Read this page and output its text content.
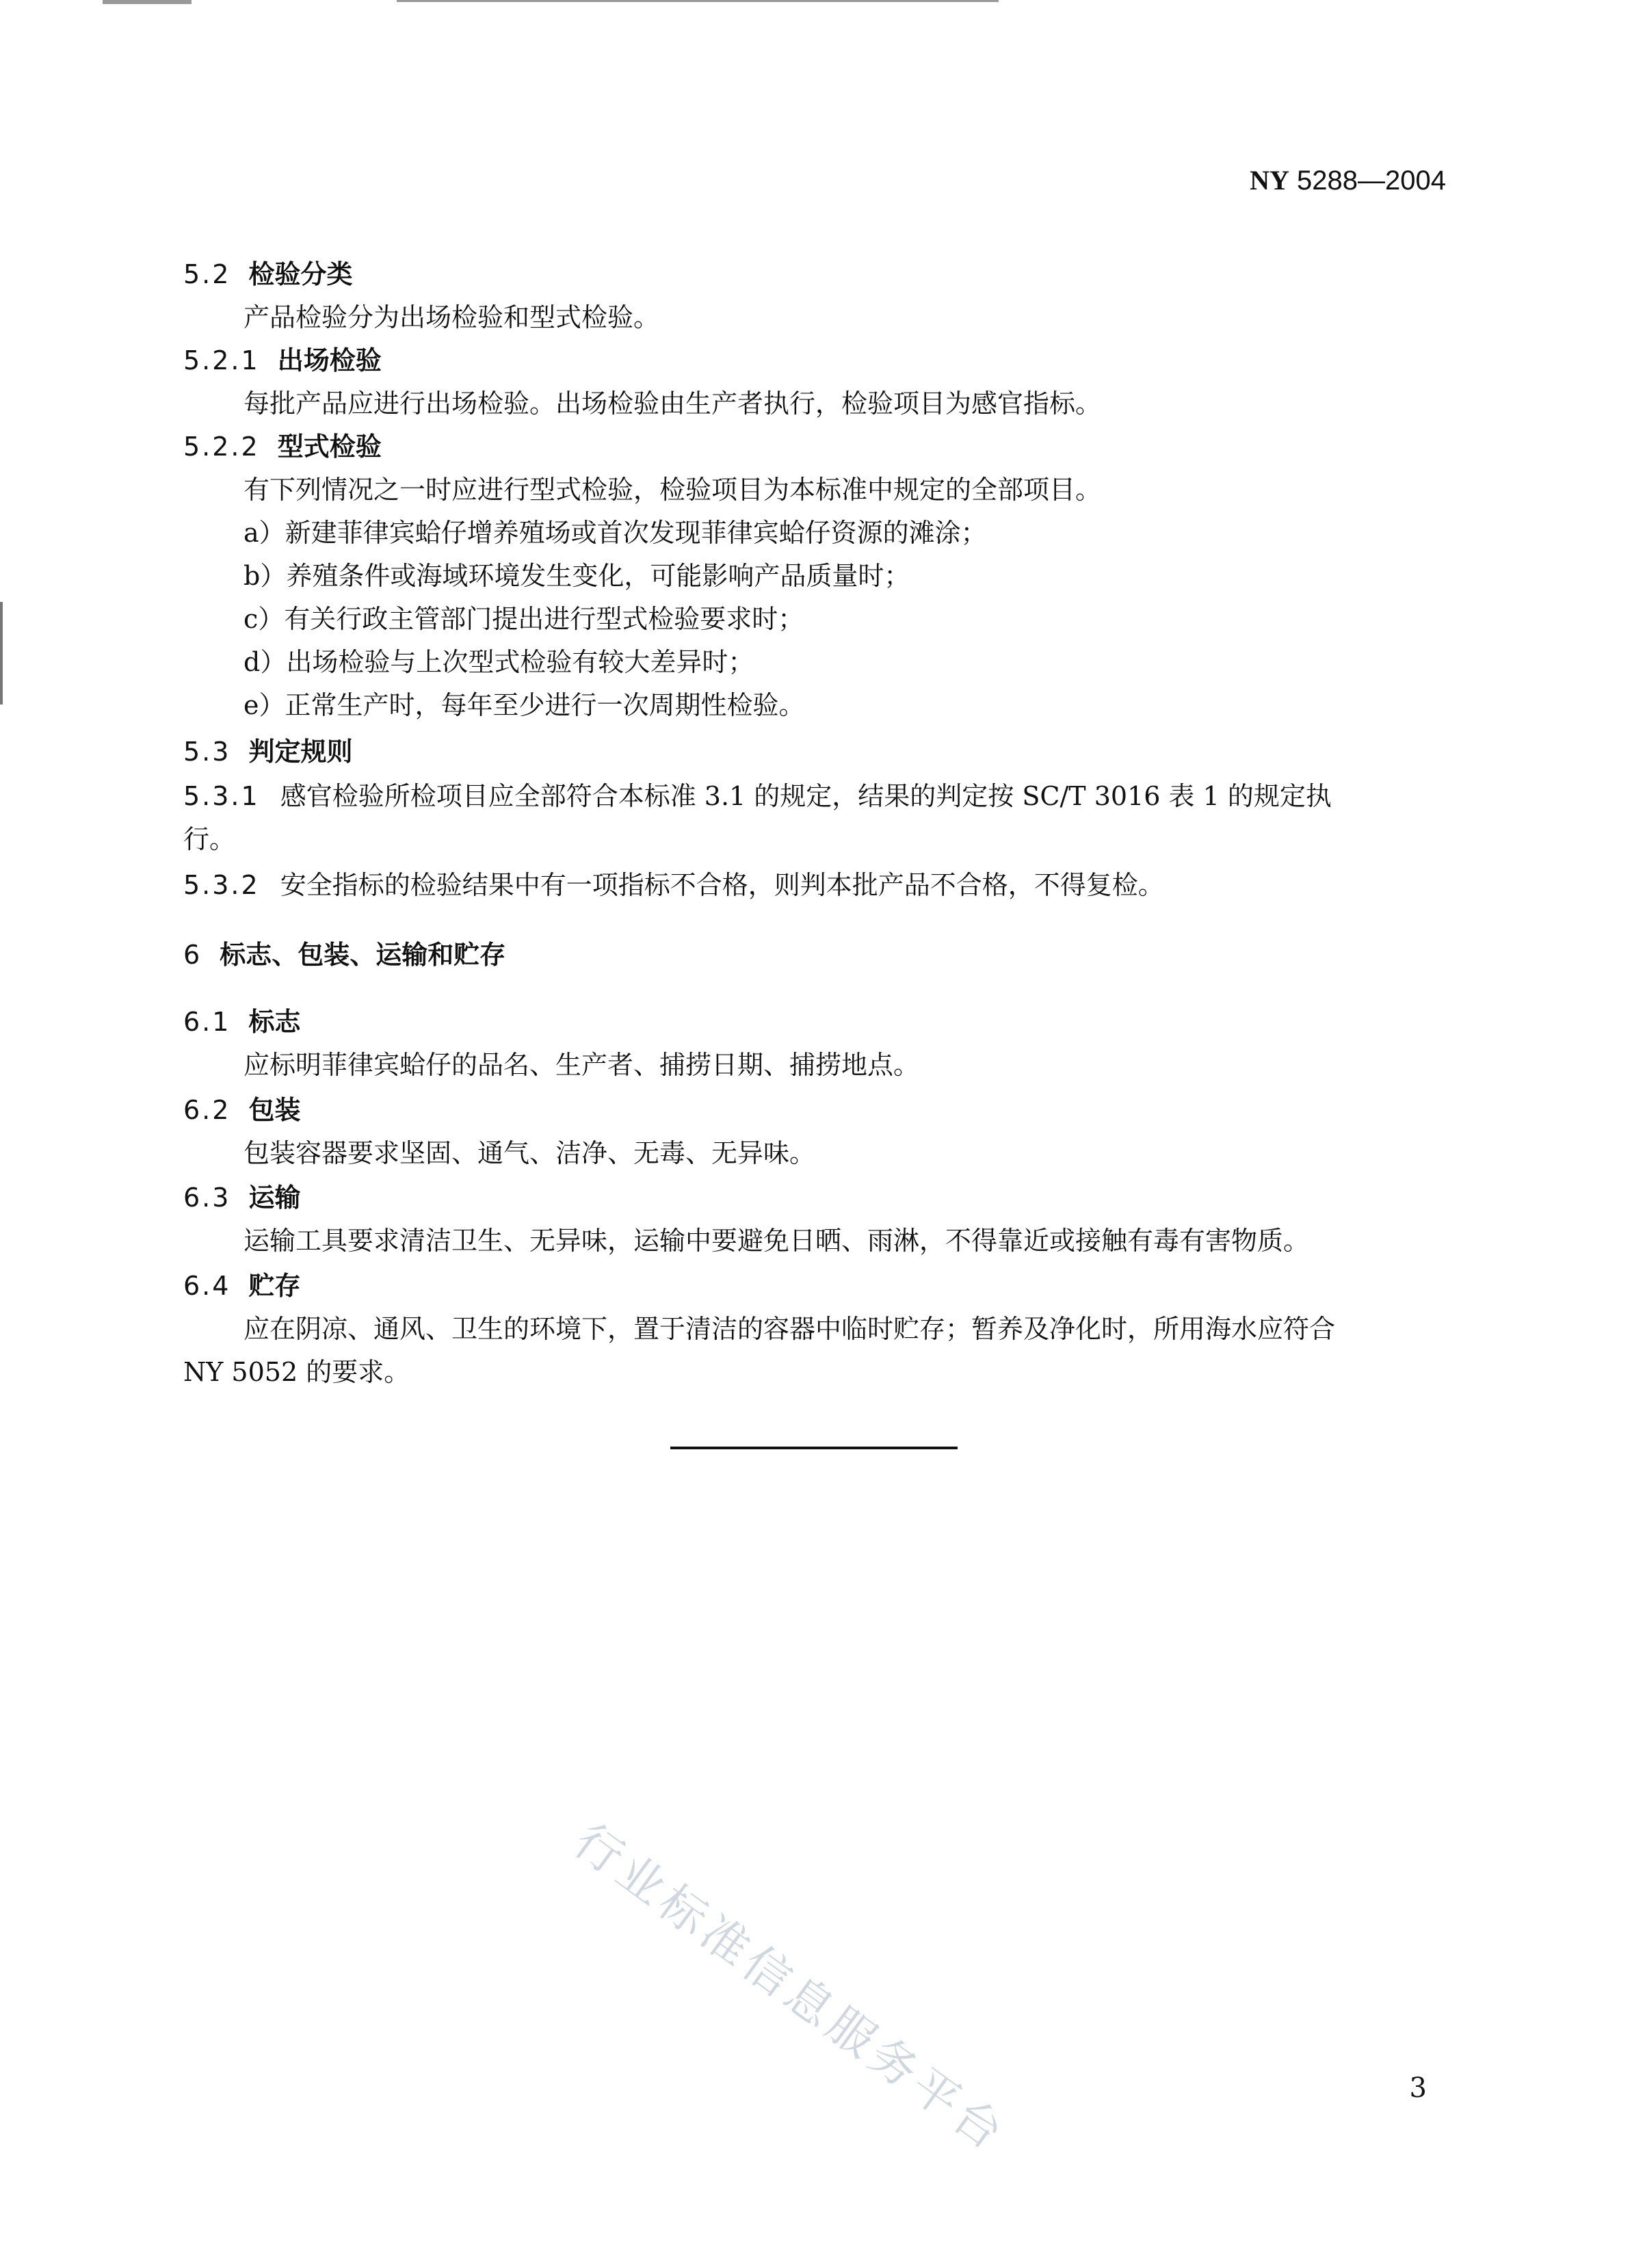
NY 5288—2004
5.2 检验分类
产品检验分为出场检验和型式检验。
5.2.1 出场检验
每批产品应进行出场检验。出场检验由生产者执行，检验项目为感官指标。
5.2.2 型式检验
有下列情况之一时应进行型式检验，检验项目为本标准中规定的全部项目。
a）新建菲律宾蛤仔增养殖场或首次发现菲律宾蛤仔资源的滩涂；
b）养殖条件或海域环境发生变化，可能影响产品质量时；
c）有关行政主管部门提出进行型式检验要求时；
d）出场检验与上次型式检验有较大差异时；
e）正常生产时，每年至少进行一次周期性检验。
5.3 判定规则
5.3.1 感官检验所检项目应全部符合本标准 3.1 的规定，结果的判定按 SC/T 3016 表 1 的规定执
行。
5.3.2 安全指标的检验结果中有一项指标不合格，则判本批产品不合格，不得复检。
6 标志、包装、运输和贮存
6.1 标志
应标明菲律宾蛤仔的品名、生产者、捕捞日期、捕捞地点。
6.2 包装
包装容器要求坚固、通气、洁净、无毒、无异味。
6.3 运输
运输工具要求清洁卫生、无异味，运输中要避免日晒、雨淋，不得靠近或接触有毒有害物质。
6.4 贮存
应在阴凉、通风、卫生的环境下，置于清洁的容器中临时贮存；暂养及净化时，所用海水应符合
NY 5052 的要求。
行业标准信息服务平台	3
